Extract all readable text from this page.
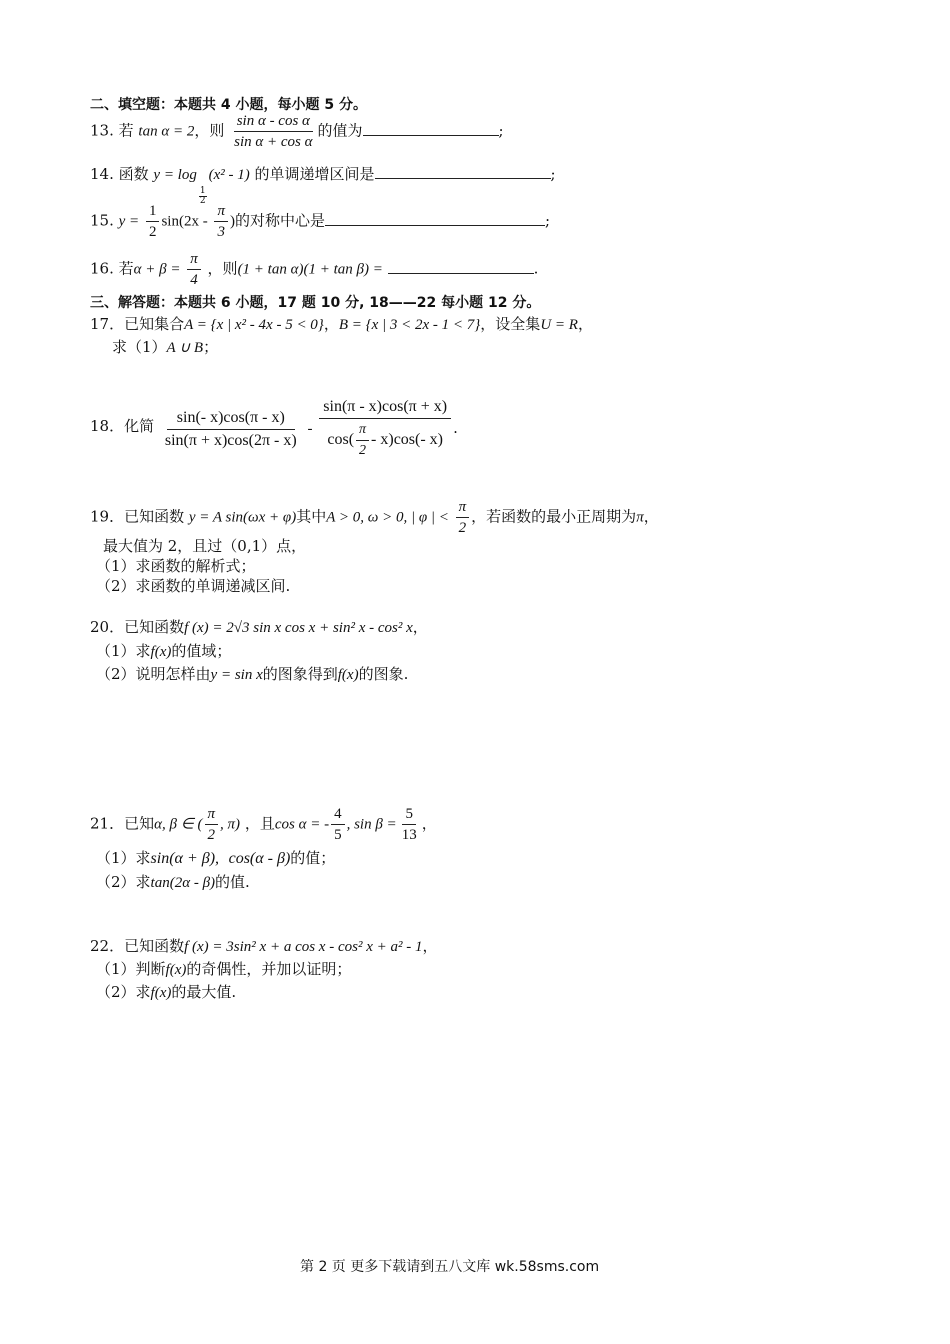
二、填空题：本题共 4 小题，每小题 5 分。
13. 若 tan α = 2，则 $\frac{\text{sin α - cos α}}{\text{sin α + cos α}}$ 的值为	;
14. 函数 y = log
$\frac{1}{2}$
(x² - 1) 的单调递增区间是	;
15. $y = \frac{1}{2} \sin(2x - \frac{\pi}{3}$ )的对称中心是	;
16. 若$\alpha + \beta = \frac{\pi}{4}$ ，则(1 + tan α)(1 + tan β) =	.
三、解答题：本题共 6 小题，17 题 10 分, 18——22 每小题 12 分。
17．已知集合A = {x | x² - 4x - 5 < 0}，B = {x | 3 < 2x - 1 < 7}，设全集U = R，
求（1）A ∪ B；
18．化简 $\frac{\sin(- x)\cos(\pi - x)}{\sin(\pi + x)\cos(2\pi - x)} - \frac{\sin(\pi - x)\cos(\pi + x)}{\cos( \frac{\pi}{2} - x)\cos(- x)}$ .
19．已知函数 y = A sin(ωx + φ)其中A > 0, ω > 0, | φ | < $\frac{\pi}{2}$ ，若函数的最小正周期为π，
最大值为 2，且过（0,1）点，
（1）求函数的解析式；
（2）求函数的单调递减区间.
20．已知函数f (x) = 2√3 sin x cos x + sin² x - cos² x，
（1）求f(x)的值域；
（2）说明怎样由y = sin x的图象得到f(x)的图象.
21．已知α, β ∈ ( $\frac{\pi}{2}$ , π) ，且cos α = - $\frac{4}{5}$ , $\sin \beta = \frac{5}{13}$ ，
（1）求sin(α + β), cos(α - β)的值；
（2）求tan(2α - β)的值.
22．已知函数f (x) = 3sin² x + a cos x - cos² x + a² - 1，
（1）判断f(x)的奇偶性，并加以证明；
（2）求f(x)的最大值.
第 2 页 更多下载请到五八文库 wk.58sms.com
